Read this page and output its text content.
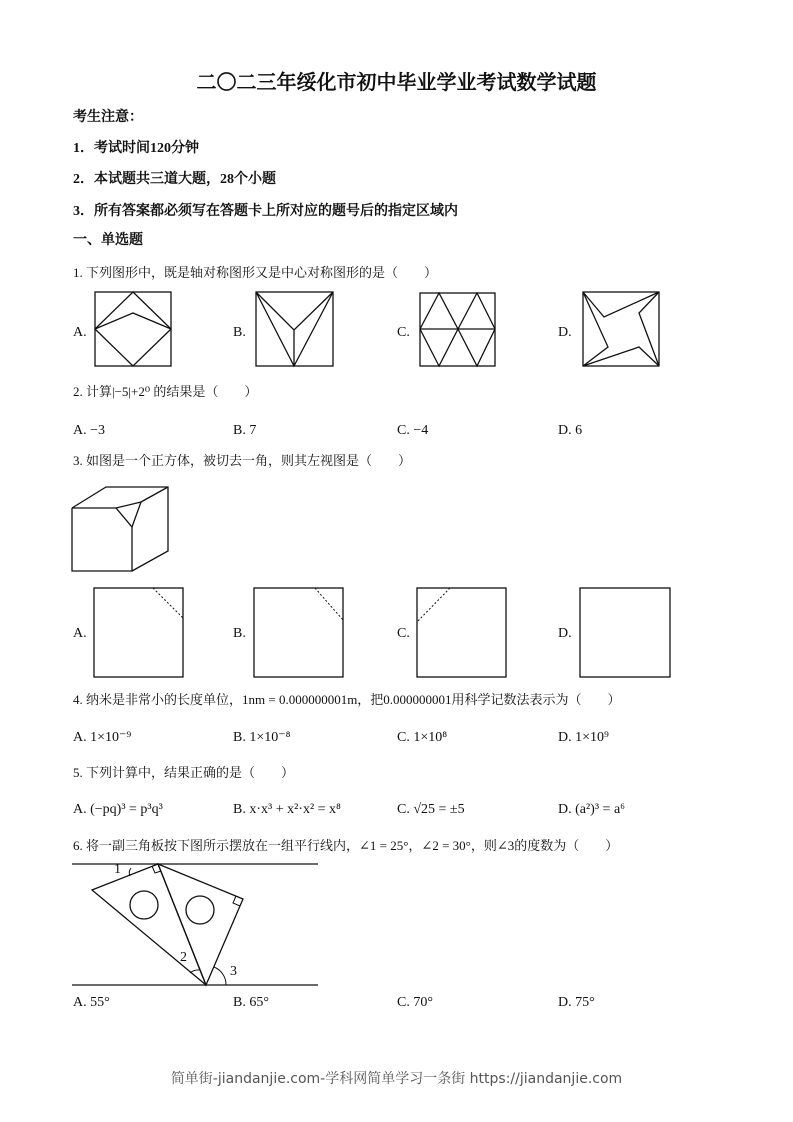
二〇二三年绥化市初中毕业学业考试数学试题
考生注意：
1．考试时间120分钟
2．本试题共三道大题，28个小题
3．所有答案都必须写在答题卡上所对应的题号后的指定区域内
一、单选题
1. 下列图形中，既是轴对称图形又是中心对称图形的是（　　）
A.	B.	C.	D.
2. 计算|−5|+2⁰ 的结果是（　　）
A. −3	B. 7	C. −4	D. 6
3. 如图是一个正方体，被切去一角，则其左视图是（　　）
A.	B.	C.	D.
4. 纳米是非常小的长度单位，1nm = 0.000000001m，把0.000000001用科学记数法表示为（　　）
A. 1×10⁻⁹	B. 1×10⁻⁸	C. 1×10⁸	D. 1×10⁹
5. 下列计算中，结果正确的是（　　）
A. (−pq)³ = p³q³	B. x·x³ + x²·x² = x⁸	C. √25 = ±5	D. (a²)³ = a⁶
6. 将一副三角板按下图所示摆放在一组平行线内，∠1 = 25°，∠2 = 30°，则∠3的度数为（　　）
A. 55°	B. 65°	C. 70°	D. 75°
1
2
3
简单街-jiandanjie.com-学科网简单学习一条街 https://jiandanjie.com
